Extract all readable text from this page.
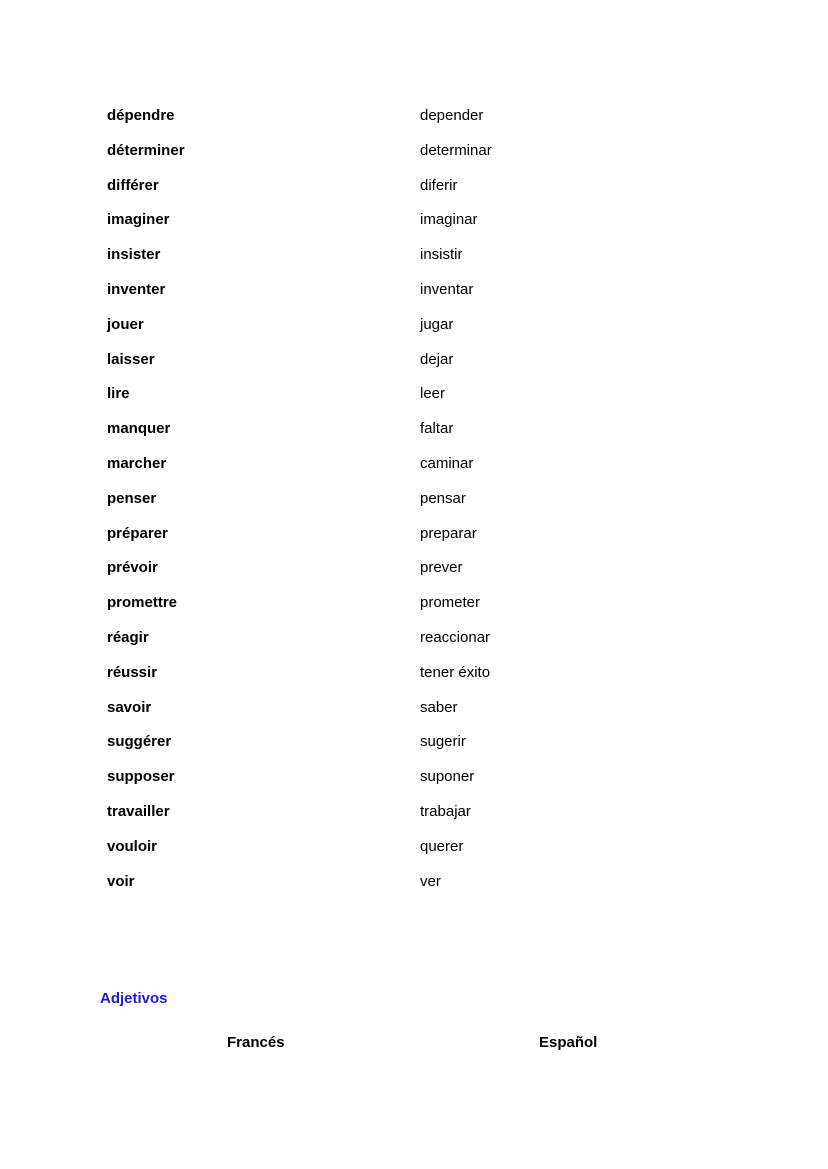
dépendre	depender
déterminer	determinar
différer	diferir
imaginer	imaginar
insister	insistir
inventer	inventar
jouer	jugar
laisser	dejar
lire	leer
manquer	faltar
marcher	caminar
penser	pensar
préparer	preparar
prévoir	prever
promettre	prometer
réagir	reaccionar
réussir	tener éxito
savoir	saber
suggérer	sugerir
supposer	suponer
travailler	trabajar
vouloir	querer
voir	ver
Adjetivos
Francés	Español
